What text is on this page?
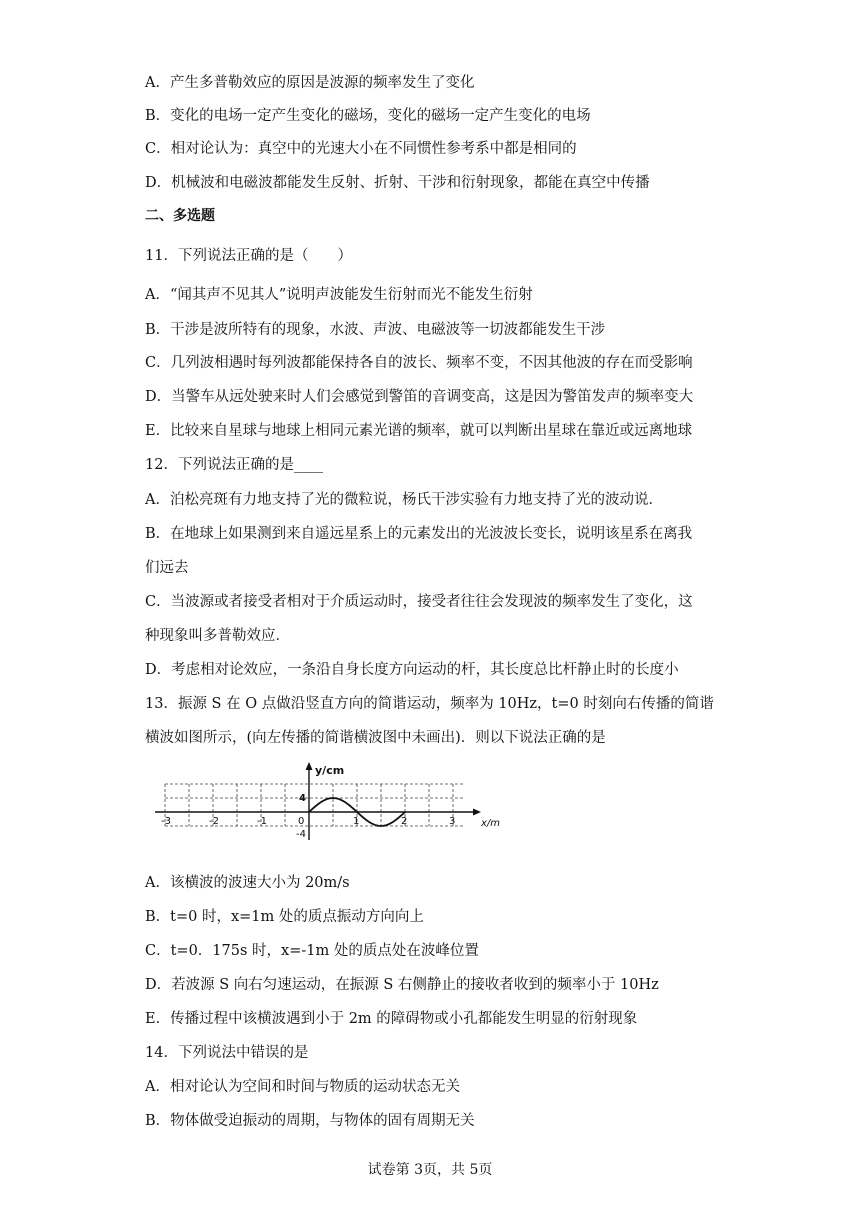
A．产生多普勒效应的原因是波源的频率发生了变化
B．变化的电场一定产生变化的磁场，变化的磁场一定产生变化的电场
C．相对论认为：真空中的光速大小在不同惯性参考系中都是相同的
D．机械波和电磁波都能发生反射、折射、干涉和衍射现象，都能在真空中传播
二、多选题
11．下列说法正确的是（　　）
A．“闻其声不见其人”说明声波能发生衍射而光不能发生衍射
B．干涉是波所特有的现象，水波、声波、电磁波等一切波都能发生干涉
C．几列波相遇时每列波都能保持各自的波长、频率不变，不因其他波的存在而受影响
D．当警车从远处驶来时人们会感觉到警笛的音调变高，这是因为警笛发声的频率变大
E．比较来自星球与地球上相同元素光谱的频率，就可以判断出星球在靠近或远离地球
12．下列说法正确的是____
A．泊松亮斑有力地支持了光的微粒说，杨氏干涉实验有力地支持了光的波动说．
B．在地球上如果测到来自遥远星系上的元素发出的光波波长变长，说明该星系在离我
们远去
C．当波源或者接受者相对于介质运动时，接受者往往会发现波的频率发生了变化，这
种现象叫多普勒效应．
D．考虑相对论效应，一条沿自身长度方向运动的杆，其长度总比杆静止时的长度小
13．振源 S 在 O 点做沿竖直方向的简谐运动，频率为 10Hz，t=0 时刻向右传播的简谐
横波如图所示，(向左传播的简谐横波图中未画出)．则以下说法正确的是
y/cm
x/m
4
-4
0
-3	-2	-1	1	2	3
A．该横波的波速大小为 20m/s
B．t=0 时，x=1m 处的质点振动方向向上
C．t=0．175s 时，x=-1m 处的质点处在波峰位置
D．若波源 S 向右匀速运动，在振源 S 右侧静止的接收者收到的频率小于 10Hz
E．传播过程中该横波遇到小于 2m 的障碍物或小孔都能发生明显的衍射现象
14．下列说法中错误的是
A．相对论认为空间和时间与物质的运动状态无关
B．物体做受迫振动的周期，与物体的固有周期无关
试卷第 3页，共 5页
